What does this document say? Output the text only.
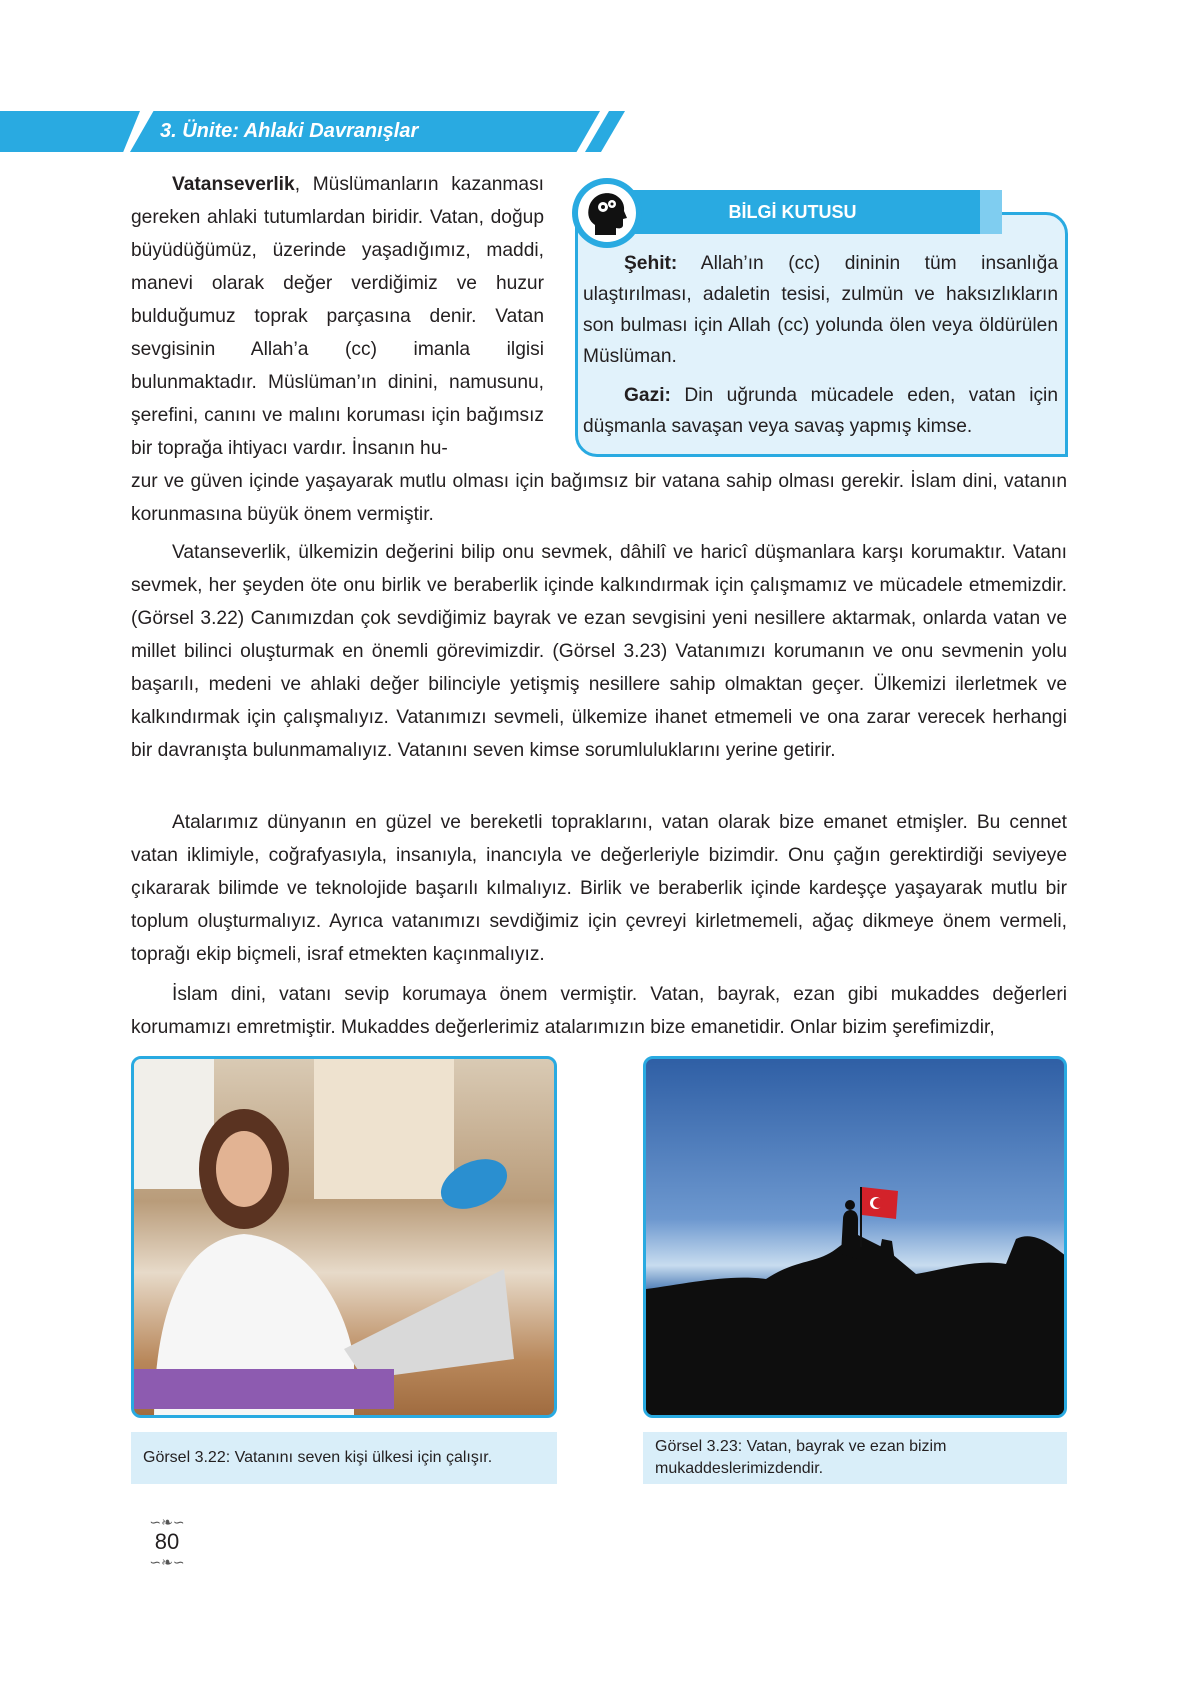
3. Ünite: Ahlaki Davranışlar
Vatanseverlik, Müslümanların kazanması gereken ahlaki tutumlardan biridir. Vatan, doğup büyüdüğümüz, üzerinde yaşadığımız, maddi, manevi olarak değer verdiğimiz ve huzur bulduğumuz toprak parçasına denir. Vatan sevgisinin Allah’a (cc) imanla ilgisi bulunmaktadır. Müslüman’ın dinini, namusunu, şerefini, canını ve malını koruması için bağımsız bir toprağa ihtiyacı vardır. İnsanın hu-
BİLGİ KUTUSU

Şehit: Allah’ın (cc) dininin tüm insanlığa ulaştırılması, adaletin tesisi, zulmün ve haksızlıkların son bulması için Allah (cc) yolunda ölen veya öldürülen Müslüman.

Gazi: Din uğrunda mücadele eden, vatan için düşmanla savaşan veya savaş yapmış kimse.

zur ve güven içinde yaşayarak mutlu olması için bağımsız bir vatana sahip olması gerekir. İslam dini, vatanın korunmasına büyük önem vermiştir.
Vatanseverlik, ülkemizin değerini bilip onu sevmek, dâhilî ve haricî düşmanlara karşı korumaktır. Vatanı sevmek, her şeyden öte onu birlik ve beraberlik içinde kalkındırmak için çalışmamız ve mücadele etmemizdir. (Görsel 3.22) Canımızdan çok sevdiğimiz bayrak ve ezan sevgisini yeni nesillere aktarmak, onlarda vatan ve millet bilinci oluşturmak en önemli görevimizdir. (Görsel 3.23) Vatanımızı korumanın ve onu sevmenin yolu başarılı, medeni ve ahlaki değer bilinciyle yetişmiş nesillere sahip olmaktan geçer. Ülkemizi ilerletmek ve kalkındırmak için çalışmalıyız. Vatanımızı sevmeli, ülkemize ihanet etmemeli ve ona zarar verecek herhangi bir davranışta bulunmamalıyız. Vatanını seven kimse sorumluluklarını yerine getirir.
Atalarımız dünyanın en güzel ve bereketli topraklarını, vatan olarak bize emanet etmişler. Bu cennet vatan iklimiyle, coğrafyasıyla, insanıyla, inancıyla ve değerleriyle bizimdir. Onu çağın gerektirdiği seviyeye çıkararak bilimde ve teknolojide başarılı kılmalıyız. Birlik ve beraberlik içinde kardeşçe yaşayarak mutlu bir toplum oluşturmalıyız. Ayrıca vatanımızı sevdiğimiz için çevreyi kirletmemeli, ağaç dikmeye önem vermeli, toprağı ekip biçmeli, israf etmekten kaçınmalıyız.
İslam dini, vatanı sevip korumaya önem vermiştir. Vatan, bayrak, ezan gibi mukaddes değerleri korumamızı emretmiştir. Mukaddes değerlerimiz atalarımızın bize emanetidir. Onlar bizim şerefimizdir,
Görsel 3.22: Vatanını seven kişi ülkesi için çalışır.
Görsel 3.23: Vatan, bayrak ve ezan bizim mukaddeslerimizdendir.
∽❧∽
80
∽❧∽
